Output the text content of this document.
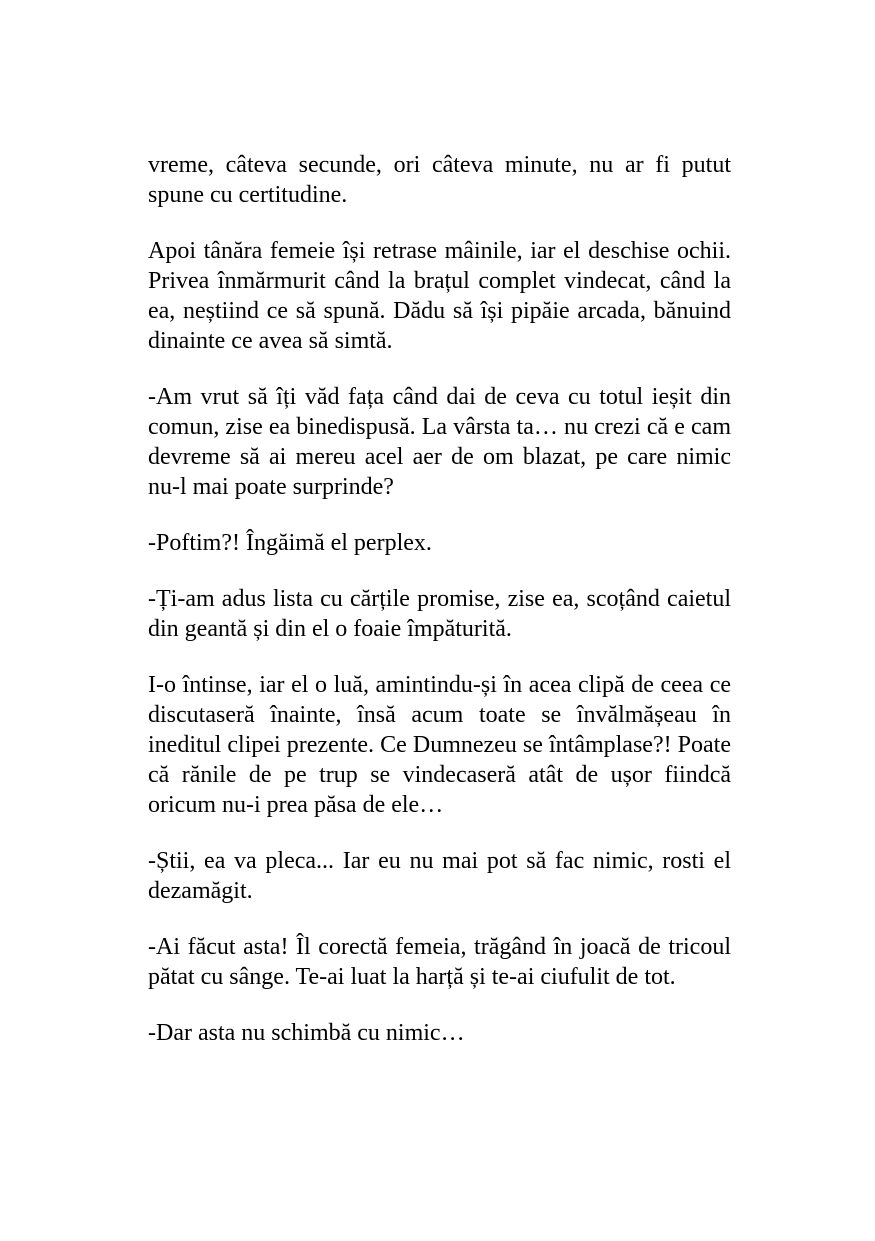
vreme, câteva secunde, ori câteva minute, nu ar fi putut spune cu certitudine.

Apoi tânăra femeie își retrase mâinile, iar el deschise ochii. Privea înmărmurit când la brațul complet vindecat, când la ea, neștiind ce să spună. Dădu să își pipăie arcada, bănuind dinainte ce avea să simtă.

-Am vrut să îți văd fața când dai de ceva cu totul ieșit din comun, zise ea binedispusă. La vârsta ta… nu crezi că e cam devreme să ai mereu acel aer de om blazat, pe care nimic nu-l mai poate surprinde?

-Poftim?! Îngăimă el perplex.

-Ți-am adus lista cu cărțile promise, zise ea, scoțând caietul din geantă și din el o foaie împăturită.

I-o întinse, iar el o luă, amintindu-și în acea clipă de ceea ce discutaseră înainte, însă acum toate se învălmășeau în ineditul clipei prezente. Ce Dumnezeu se întâmplase?! Poate că rănile de pe trup se vindecaseră atât de ușor fiindcă oricum nu-i prea păsa de ele…

-Știi, ea va pleca... Iar eu nu mai pot să fac nimic, rosti el dezamăgit.

-Ai făcut asta! Îl corectă femeia, trăgând în joacă de tricoul pătat cu sânge. Te-ai luat la harță și te-ai ciufulit de tot.

-Dar asta nu schimbă cu nimic…
